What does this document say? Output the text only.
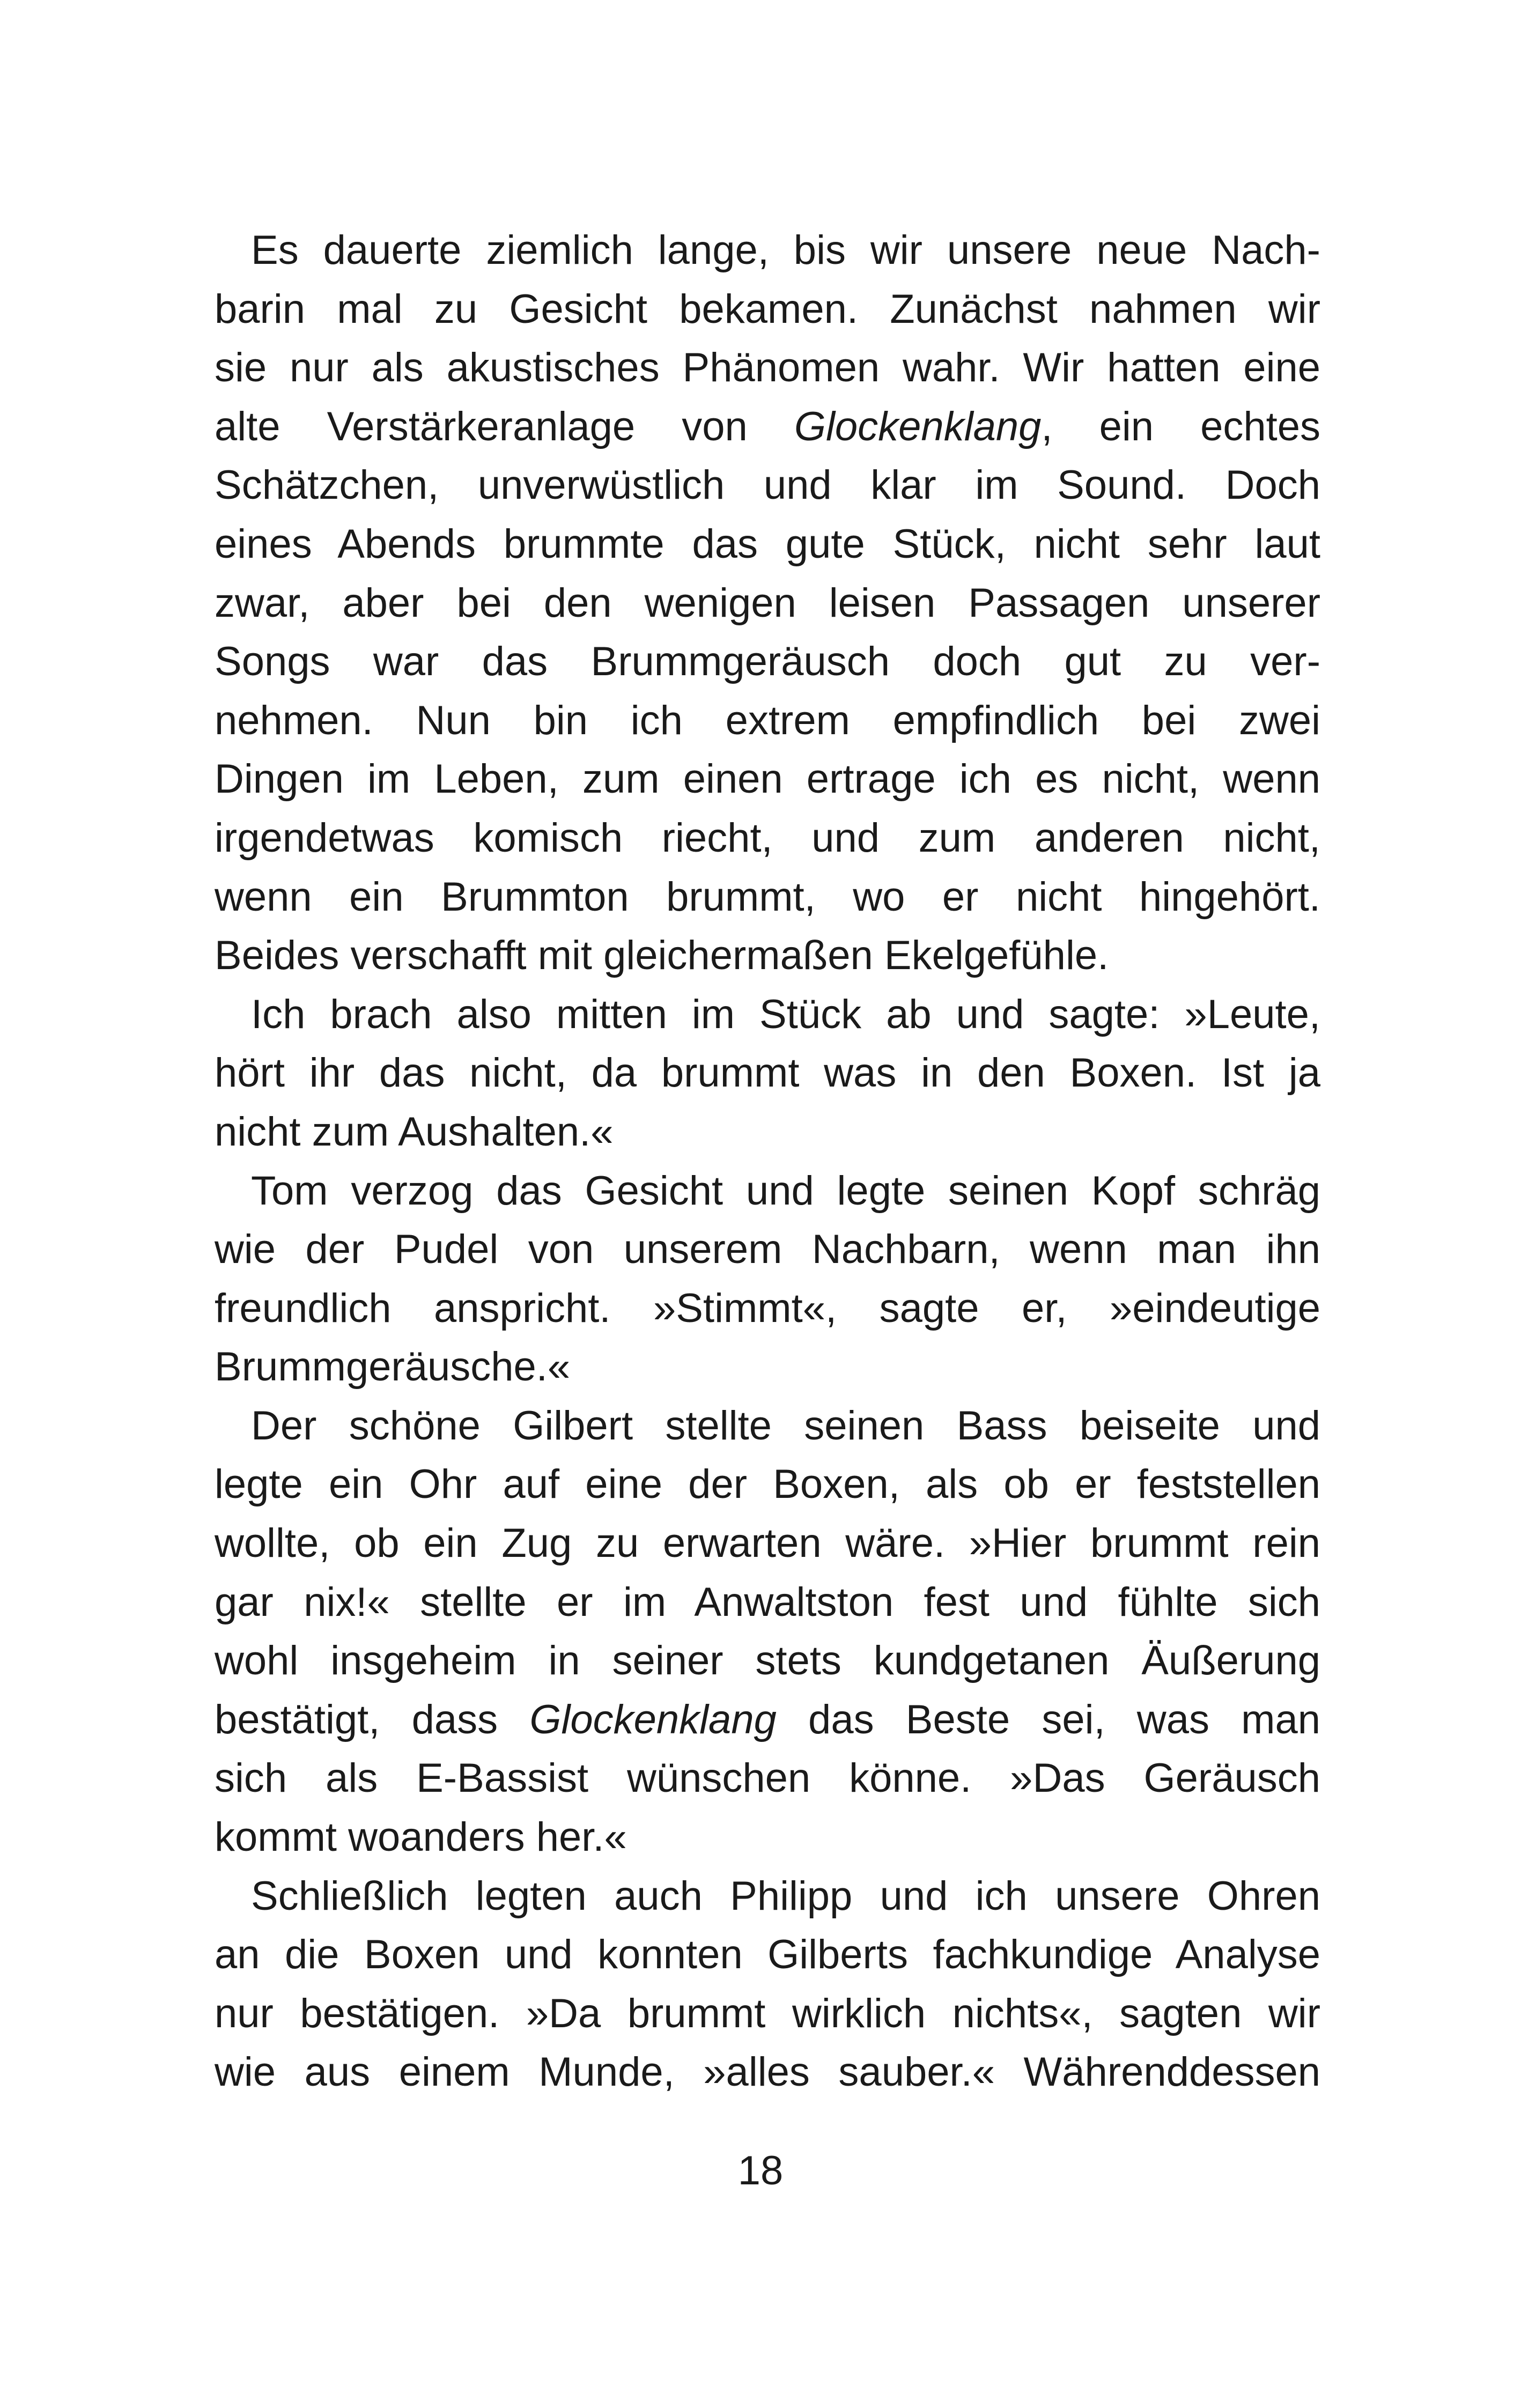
Es dauerte ziemlich lange, bis wir unsere neue Nach-
barin mal zu Gesicht bekamen. Zunächst nahmen wir
sie nur als akustisches Phänomen wahr. Wir hatten eine
alte Verstärkeranlage von Glockenklang, ein echtes
Schätzchen, unverwüstlich und klar im Sound. Doch
eines Abends brummte das gute Stück, nicht sehr laut
zwar, aber bei den wenigen leisen Passagen unserer
Songs war das Brummgeräusch doch gut zu ver-
nehmen. Nun bin ich extrem empfindlich bei zwei
Dingen im Leben, zum einen ertrage ich es nicht, wenn
irgendetwas komisch riecht, und zum anderen nicht,
wenn ein Brummton brummt, wo er nicht hingehört.
Beides verschafft mit gleichermaßen Ekelgefühle.
Ich brach also mitten im Stück ab und sagte: »Leute,
hört ihr das nicht, da brummt was in den Boxen. Ist ja
nicht zum Aushalten.«
Tom verzog das Gesicht und legte seinen Kopf schräg
wie der Pudel von unserem Nachbarn, wenn man ihn
freundlich anspricht. »Stimmt«, sagte er, »eindeutige
Brummgeräusche.«
Der schöne Gilbert stellte seinen Bass beiseite und
legte ein Ohr auf eine der Boxen, als ob er feststellen
wollte, ob ein Zug zu erwarten wäre. »Hier brummt rein
gar nix!« stellte er im Anwaltston fest und fühlte sich
wohl insgeheim in seiner stets kundgetanen Äußerung
bestätigt, dass Glockenklang das Beste sei, was man
sich als E-Bassist wünschen könne. »Das Geräusch
kommt woanders her.«
Schließlich legten auch Philipp und ich unsere Ohren
an die Boxen und konnten Gilberts fachkundige Analyse
nur bestätigen. »Da brummt wirklich nichts«, sagten wir
wie aus einem Munde, »alles sauber.« Währenddessen
18
